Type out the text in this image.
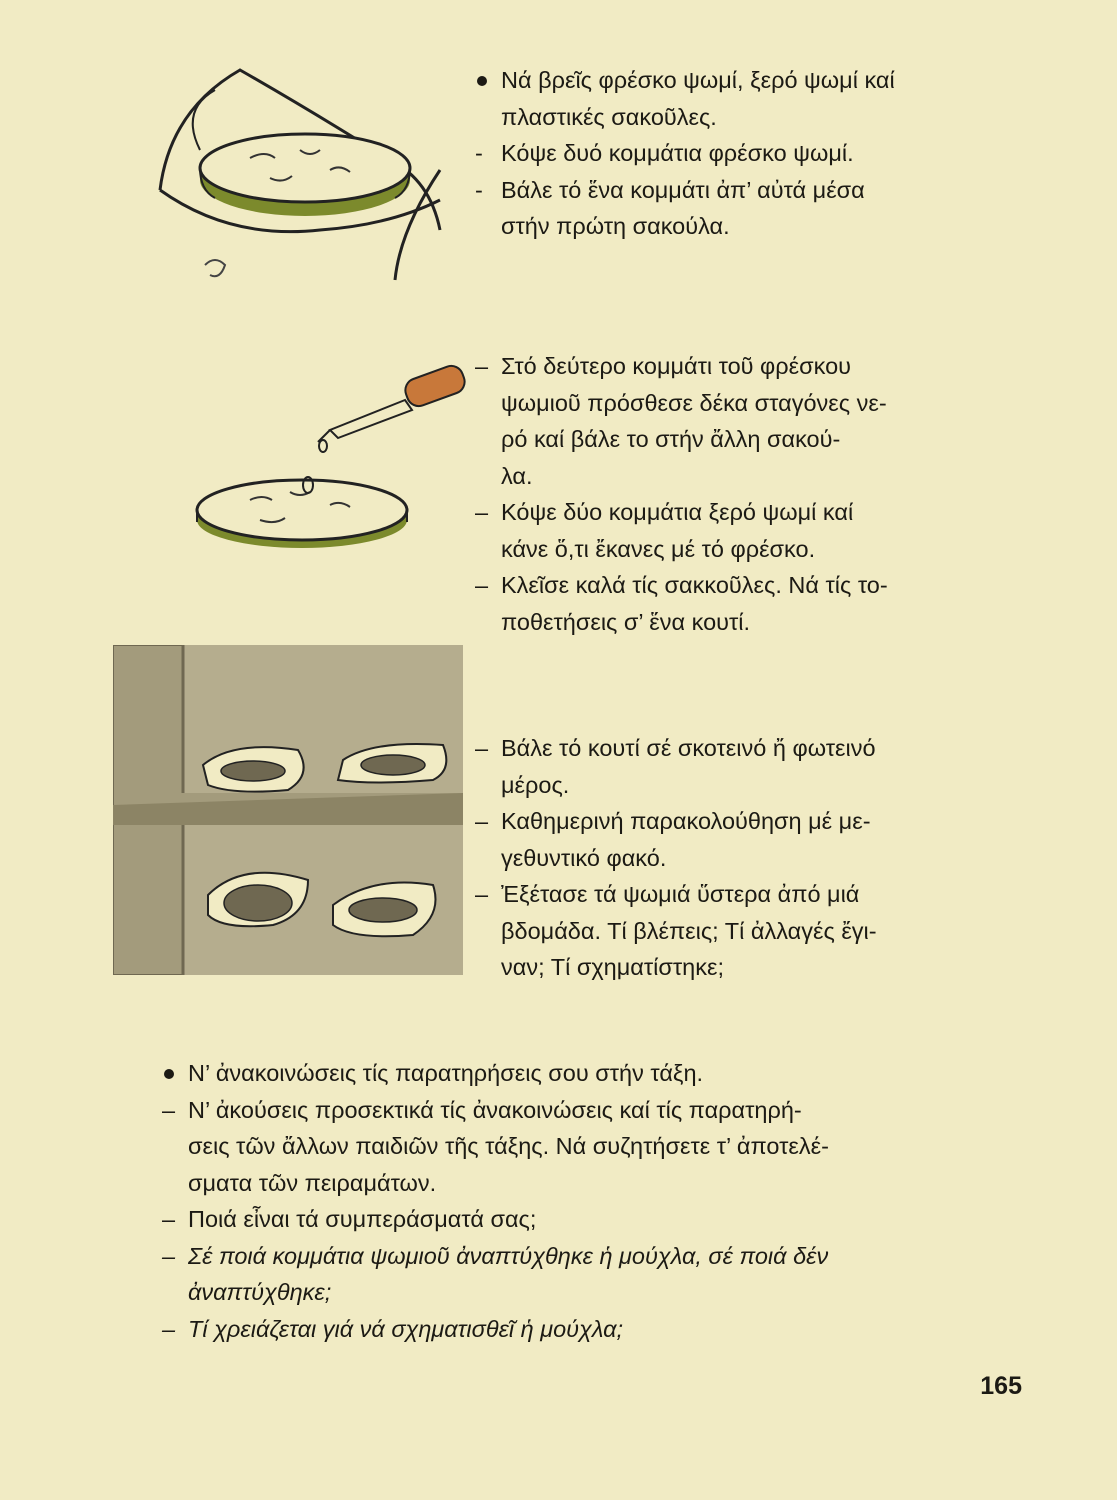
Νά βρεῖς φρέσκο ψωμί, ξερό ψωμί καί
πλαστικές σακοῦλες.
- Κόψε δυό κομμάτια φρέσκο ψωμί.
- Βάλε τό ἕνα κομμάτι ἀπ’ αὐτά μέσα
στήν πρώτη σακούλα.
– Στό δεύτερο κομμάτι τοῦ φρέσκου
ψωμιοῦ πρόσθεσε δέκα σταγόνες νε-
ρό καί βάλε το στήν ἄλλη σακού-
λα.
– Κόψε δύο κομμάτια ξερό ψωμί καί
κάνε ὅ,τι ἔκανες μέ τό φρέσκο.
– Κλεῖσε καλά τίς σακκοῦλες. Νά τίς το-
ποθετήσεις σ’ ἕνα κουτί.
– Βάλε τό κουτί σέ σκοτεινό ἤ φωτεινό
μέρος.
– Καθημερινή παρακολούθηση μέ με-
γεθυντικό φακό.
– Ἐξέτασε τά ψωμιά ὕστερα ἀπό μιά
βδομάδα. Τί βλέπεις; Τί ἀλλαγές ἔγι-
ναν; Τί σχηματίστηκε;
Ν’ ἀνακοινώσεις τίς παρατηρήσεις σου στήν τάξη.
– Ν’ ἀκούσεις προσεκτικά τίς ἀνακοινώσεις καί τίς παρατηρή-
σεις τῶν ἄλλων παιδιῶν τῆς τάξης. Νά συζητήσετε τ’ ἀποτελέ-
σματα τῶν πειραμάτων.
– Ποιά εἶναι τά συμπεράσματά σας;
– Σέ ποιά κομμάτια ψωμιοῦ ἀναπτύχθηκε ἡ μούχλα, σέ ποιά δέν
ἀναπτύχθηκε;
– Τί χρειάζεται γιά νά σχηματισθεῖ ἡ μούχλα;
165
